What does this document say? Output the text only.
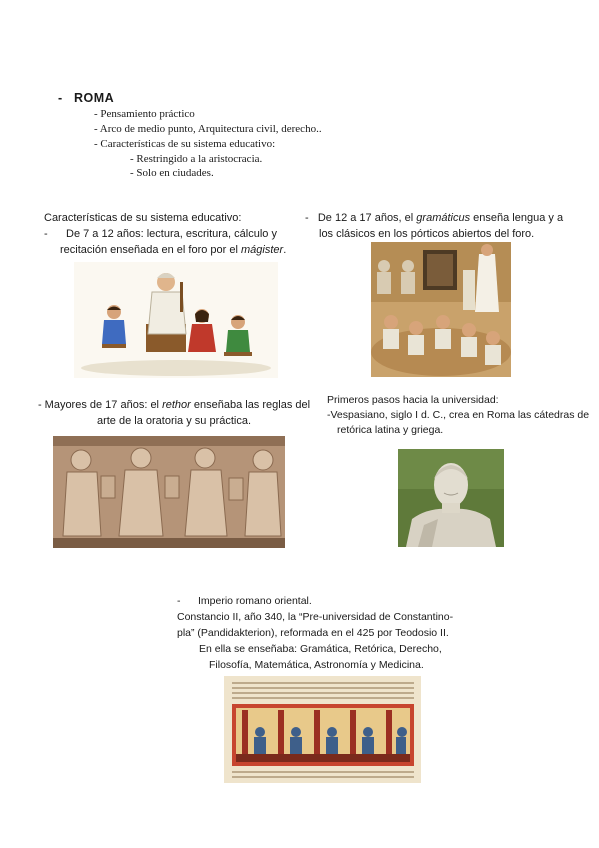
- ROMA
- Pensamiento práctico
- Arco de medio punto, Arquitectura civil, derecho..
- Características de su sistema educativo:
- Restringido a la aristocracia.
- Solo en ciudades.
Características de su sistema educativo:
-      De 7 a 12 años: lectura, escritura, cálculo y
recitación enseñada en el foro por el mágister.
-   De 12 a 17 años, el gramáticus enseña lengua y a
los clásicos en los pórticos abiertos del foro.
- Mayores de 17 años: el rethor enseñaba las reglas del
arte de la oratoria y su práctica.
Primeros pasos hacia la universidad:
-Vespasiano, siglo I d. C., crea en Roma las cátedras de
retórica latina y griega.
-      Imperio romano oriental.
Constancio II, año 340, la “Pre-universidad de Constantino-
pla” (Pandidakterion), reformada en el 425 por Teodosio II.
En ella se enseñaba: Gramática, Retórica, Derecho,
Filosofía, Matemática, Astronomía y Medicina.
